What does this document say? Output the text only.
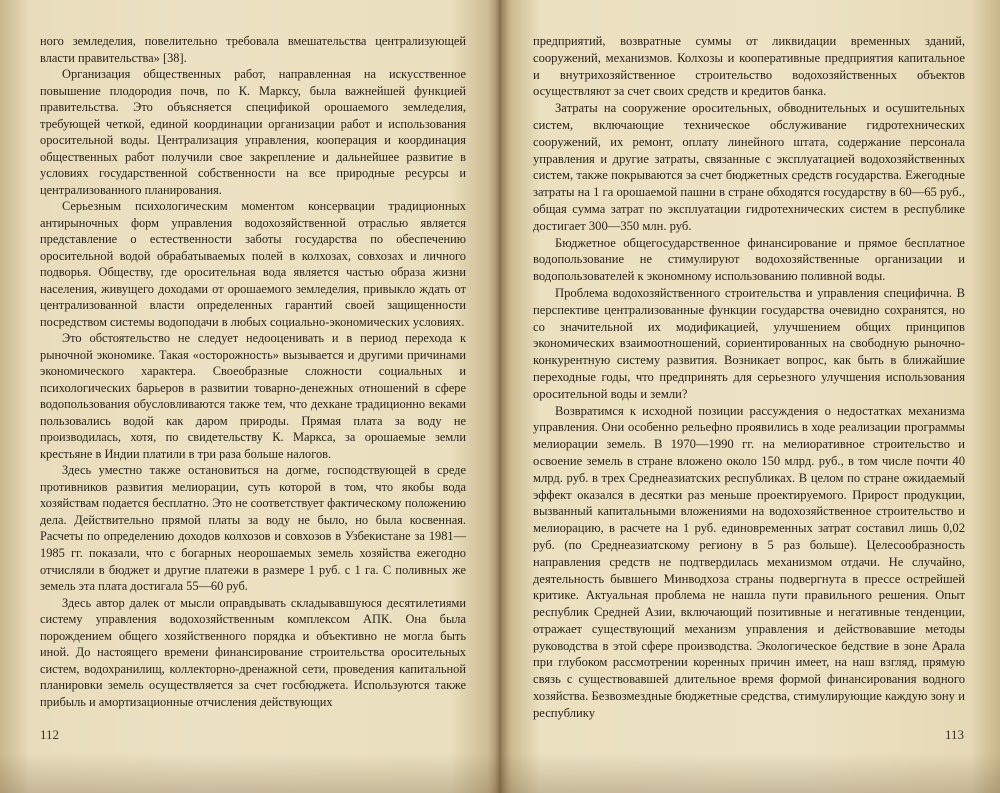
ного земледелия, повелительно требовала вмешательства централизующей власти правительства» [38].

Организация общественных работ, направленная на искусственное повышение плодородия почв, по К. Марксу, была важнейшей функцией правительства. Это объясняется спецификой орошаемого земледелия, требующей четкой, единой координации организации работ и использования оросительной воды. Централизация управления, кооперация и координация общественных работ получили свое закрепление и дальнейшее развитие в условиях государственной собственности на все природные ресурсы и централизованного планирования.

Серьезным психологическим моментом консервации традиционных антирыночных форм управления водохозяйственной отраслью является представление о естественности заботы государства по обеспечению оросительной водой обрабатываемых полей в колхозах, совхозах и личного подворья. Обществу, где оросительная вода является частью образа жизни населения, живущего доходами от орошаемого земледелия, привыкло ждать от централизованной власти определенных гарантий своей защищенности посредством системы водоподачи в любых социально-экономических условиях.

Это обстоятельство не следует недооценивать и в период перехода к рыночной экономике. Такая «осторожность» вызывается и другими причинами экономического характера. Своеобразные сложности социальных и психологических барьеров в развитии товарно-денежных отношений в сфере водопользования обусловливаются также тем, что дехкане традиционно веками пользовались водой как даром природы. Прямая плата за воду не производилась, хотя, по свидетельству К. Маркса, за орошаемые земли крестьяне в Индии платили в три раза больше налогов.

Здесь уместно также остановиться на догме, господствующей в среде противников развития мелиорации, суть которой в том, что якобы вода хозяйствам подается бесплатно. Это не соответствует фактическому положению дела. Действительно прямой платы за воду не было, но была косвенная. Расчеты по определению доходов колхозов и совхозов в Узбекистане за 1981—1985 гг. показали, что с богарных неорошаемых земель хозяйства ежегодно отчисляли в бюджет и другие платежи в размере 1 руб. с 1 га. С поливных же земель эта плата достигала 55—60 руб.

Здесь автор далек от мысли оправдывать складывавшуюся десятилетиями систему управления водохозяйственным комплексом АПК. Она была порождением общего хозяйственного порядка и объективно не могла быть иной. До настоящего времени финансирование строительства оросительных систем, водохранилищ, коллекторно-дренажной сети, проведения капитальной планировки земель осуществляется за счет госбюджета. Используются также прибыль и амортизационные отчисления действующих

112

предприятий, возвратные суммы от ликвидации временных зданий, сооружений, механизмов. Колхозы и кооперативные предприятия капитальное и внутрихозяйственное строительство водохозяйственных объектов осуществляют за счет своих средств и кредитов банка.

Затраты на сооружение оросительных, обводнительных и осушительных систем, включающие техническое обслуживание гидротехнических сооружений, их ремонт, оплату линейного штата, содержание персонала управления и другие затраты, связанные с эксплуатацией водохозяйственных систем, также покрываются за счет бюджетных средств государства. Ежегодные затраты на 1 га орошаемой пашни в стране обходятся государству в 60—65 руб., общая сумма затрат по эксплуатации гидротехнических систем в республике достигает 300—350 млн. руб.

Бюджетное общегосударственное финансирование и прямое бесплатное водопользование не стимулируют водохозяйственные организации и водопользователей к экономному использованию поливной воды.

Проблема водохозяйственного строительства и управления специфична. В перспективе централизованные функции государства очевидно сохранятся, но со значительной их модификацией, улучшением общих принципов экономических взаимоотношений, сориентированных на свободную рыночно-конкурентную систему развития. Возникает вопрос, как быть в ближайшие переходные годы, что предпринять для серьезного улучшения использования оросительной воды и земли?

Возвратимся к исходной позиции рассуждения о недостатках механизма управления. Они особенно рельефно проявились в ходе реализации программы мелиорации земель. В 1970—1990 гг. на мелиоративное строительство и освоение земель в стране вложено около 150 млрд. руб., в том числе почти 40 млрд. руб. в трех Среднеазиатских республиках. В целом по стране ожидаемый эффект оказался в десятки раз меньше проектируемого. Прирост продукции, вызванный капитальными вложениями на водохозяйственное строительство и мелиорацию, в расчете на 1 руб. единовременных затрат составил лишь 0,02 руб. (по Среднеазиатскому региону в 5 раз больше). Целесообразность направления средств не подтвердилась механизмом отдачи. Не случайно, деятельность бывшего Минводхоза страны подвергнута в прессе острейшей критике. Актуальная проблема не нашла пути правильного решения. Опыт республик Средней Азии, включающий позитивные и негативные тенденции, отражает существующий механизм управления и действовавшие методы руководства в этой сфере производства. Экологическое бедствие в зоне Арала при глубоком рассмотрении коренных причин имеет, на наш взгляд, прямую связь с существовавшей длительное время формой финансирования водного хозяйства. Безвозмездные бюджетные средства, стимулирующие каждую зону и республику

113
